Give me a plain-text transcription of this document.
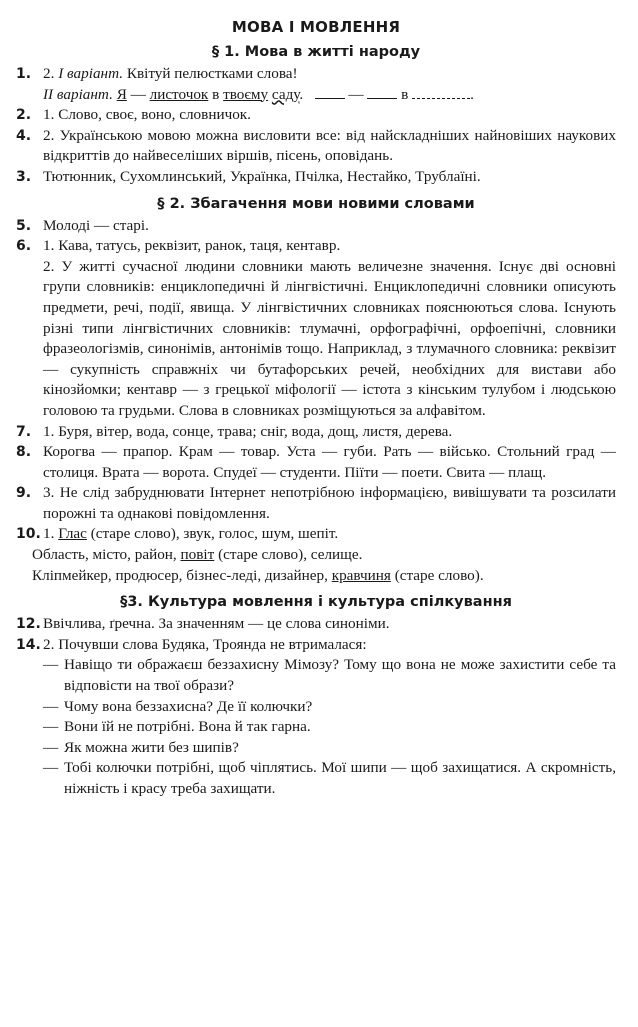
МОВА І МОВЛЕННЯ
§ 1. Мова в житті народу
1. 2. І варіант. Квітуй пелюстками слова!
ІІ варіант. Я — листочок в твоєму саду.	— в	.
2. 1. Слово, своє, воно, словничок.
4. 2. Українською мовою можна висловити все: від найскладніших найновіших наукових відкриттів до найвеселіших віршів, пісень, оповідань.
3. Тютюнник, Сухомлинський, Українка, Пчілка, Нестайко, Трублаїні.
§ 2. Збагачення мови новими словами
5. Молоді — старі.
6. 1. Кава, татусь, реквізит, ранок, таця, кентавр.
2. У житті сучасної людини словники мають величезне значення. Існує дві основні групи словників: енциклопедичні й лінгвістичні. Енциклопедичні словники описують предмети, речі, події, явища. У лінгвістичних словниках пояснюються слова. Існують різні типи лінгвістичних словників: тлумачні, орфографічні, орфоепічні, словники фразеологізмів, синонімів, антонімів тощо. Наприклад, з тлумачного словника: реквізит — сукупність справжніх чи бутафорських речей, необхідних для вистави або кінозйомки; кентавр — з грецької міфології — істота з кінським тулубом і людською головою та грудьми. Слова в словниках розміщуються за алфавітом.
7. 1. Буря, вітер, вода, сонце, трава; сніг, вода, дощ, листя, дерева.
8. Корогва — прапор. Крам — товар. Уста — губи. Рать — військо. Стольний град — столиця. Врата — ворота. Спудеї — студенти. Піїти — поети. Свита — плащ.
9. 3. Не слід забруднювати Інтернет непотрібною інформацією, вивішувати та розсилати порожні та однакові повідомлення.
10. 1. Глас (старе слово), звук, голос, шум, шепіт.
Область, місто, район, повіт (старе слово), селище.
Кліпмейкер, продюсер, бізнес-леді, дизайнер, кравчиня (старе слово).
§3. Культура мовлення і культура спілкування
12. Ввічлива, ґречна. За значенням — це слова синоніми.
14. 2. Почувши слова Будяка, Троянда не втрималася:
— Навіщо ти ображаєш беззахисну Мімозу? Тому що вона не може захистити себе та відповісти на твої образи?
— Чому вона беззахисна? Де її колючки?
— Вони їй не потрібні. Вона й так гарна.
— Як можна жити без шипів?
— Тобі колючки потрібні, щоб чіплятись. Мої шипи — щоб захищатися. А скромність, ніжність і красу треба захищати.
